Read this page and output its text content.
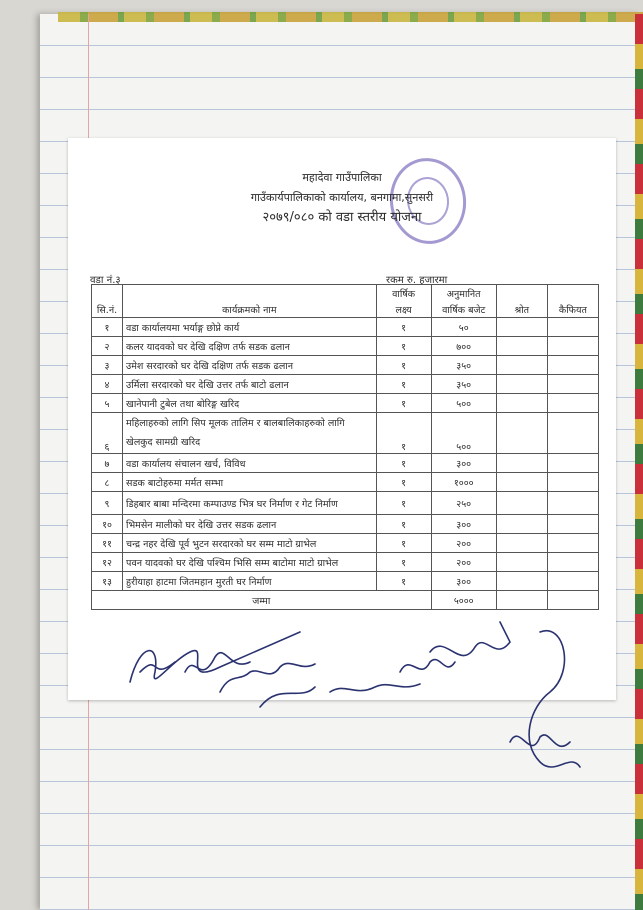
महादेवा गाउँपालिका
गाउँकार्यपालिकाको कार्यालय, बनगामा,सुनसरी
२०७९/०८० को वडा स्तरीय योजना
वडा नं.३	रकम रु. हजारमा
		वार्षिक	अनुमानित		
सि.नं.	कार्यक्रमको नाम	लक्ष्य	वार्षिक बजेट	श्रोत	कैफियत
१	वडा कार्यालयमा भर्याङ्ग छोप्ने कार्य	१	५०		
२	कलर यादवको घर देखि दक्षिण तर्फ सडक ढलान	१	७००		
३	उमेश सरदारको घर देखि दक्षिण तर्फ सडक ढलान	१	३५०		
४	उर्मिला सरदारको घर देखि उत्तर तर्फ बाटो ढलान	१	३५०		
५	खानेपानी टुबेल तथा बोरिङ्ग खरिद	१	५००		
६	महिलाहरुको लागि सिप मूलक तालिम र बालबालिकाहरुको लागि
खेलकुद सामग्री खरिद	१	५००		
७	वडा कार्यालय संचालन खर्च, विविध	१	३००		
८	सडक बाटोहरुमा मर्मत सम्भा	१	१०००		
९	डिहबार बाबा मन्दिरमा कम्पाउण्ड भित्र घर निर्माण र गेट निर्माण	१	२५०		
१०	भिमसेन मालीको घर देखि उत्तर सडक ढलान	१	३००		
११	चन्द्र नहर देखि पूर्व भुटन सरदारको घर सम्म माटो ग्राभेल	१	२००		
१२	पवन यादवको घर देखि पश्चिम भिसि सम्म बाटोमा माटो ग्राभेल	१	२००		
१३	हुरीयाहा हाटमा जितमहान मुरती घर निर्माण	१	३००		
जम्मा			५०००		
